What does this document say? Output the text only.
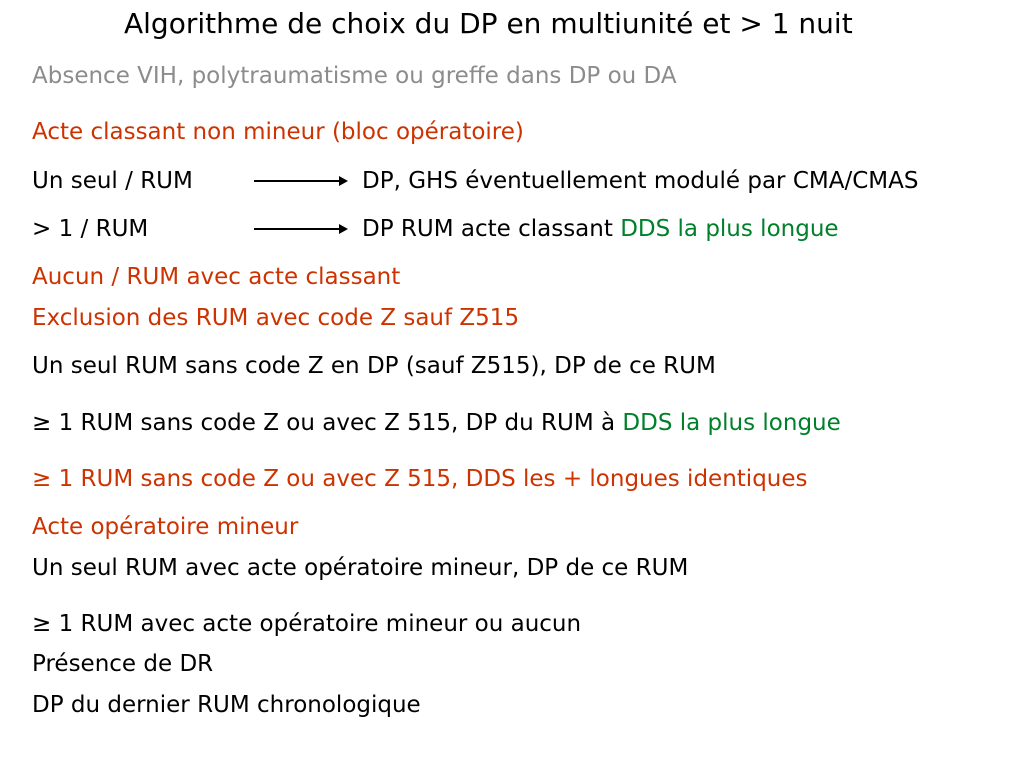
Algorithme de choix du DP en multiunité et > 1 nuit
Absence VIH, polytraumatisme ou greffe dans DP ou DA
Acte classant non mineur (bloc opératoire)
Un seul / RUM	DP, GHS éventuellement modulé par CMA/CMAS
> 1 / RUM	DP RUM acte classant DDS la plus longue
Aucun / RUM avec acte classant
Exclusion des RUM avec code Z sauf Z515
Un seul RUM sans code Z en DP (sauf Z515), DP de ce RUM
≥ 1 RUM sans code Z ou avec Z 515, DP du RUM à DDS la plus longue
≥ 1 RUM sans code Z ou avec Z 515, DDS les + longues identiques
Acte opératoire mineur
Un seul RUM avec acte opératoire mineur, DP de ce RUM
≥ 1 RUM avec acte opératoire mineur ou aucun
Présence de DR
DP du dernier RUM chronologique
